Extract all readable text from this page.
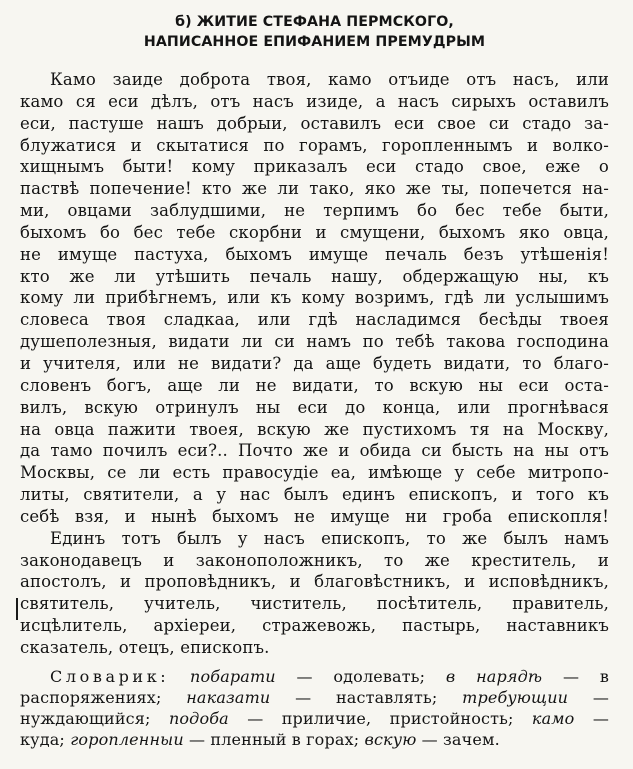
б) ЖИТИЕ СТЕФАНА ПЕРМСКОГО,
НАПИСАННОЕ ЕПИФАНИЕМ ПРЕМУДРЫМ
Камо заиде доброта твоя, камо отъиде отъ насъ, или
камо ся еси дѣлъ, отъ насъ изиде, а насъ сирыхъ оставилъ
еси, пастуше нашъ добрыи, оставилъ еси свое си стадо за-
блужатися и скытатися по горамъ, горопленнымъ и волко-
хищнымъ быти! кому приказалъ еси стадо свое, еже о
паствѣ попечение! кто же ли тако, яко же ты, попечется на-
ми, овцами заблудшими, не терпимъ бо бес тебе быти,
быхомъ бо бес тебе скорбни и смущени, быхомъ яко овца,
не имуще пастуха, быхомъ имуще печаль безъ утѣшенiя!
кто же ли утѣшить печаль нашу, обдержащую ны, къ
кому ли прибѣгнемъ, или къ кому возримъ, гдѣ ли услышимъ
словеса твоя сладкаа, или гдѣ насладимся бесѣды твоея
душеполезныя, видати ли си намъ по тебѣ такова господина
и учителя, или не видати? да аще будеть видати, то благо-
словенъ богъ, аще ли не видати, то вскую ны еси оста-
вилъ, вскую отринулъ ны еси до конца, или прогнѣвася
на овца пажити твоея, вскую же пустихомъ тя на Москву,
да тамо почилъ еси?.. Почто же и обида си бысть на ны отъ
Москвы, се ли есть правосудiе еа, имѣюще у себе митропо-
литы, святители, а у нас былъ единъ епископъ, и того къ
себѣ взя, и нынѣ быхомъ не имуще ни гроба епископля!
Единъ тотъ былъ у насъ епископъ, то же былъ намъ
законодавецъ и законоположникъ, то же креститель, и
апостолъ, и проповѣдникъ, и благовѣстникъ, и исповѣдникъ,
святитель, учитель, чиститель, посѣтитель, правитель,
исцѣлитель, архiереи, стражевожь, пастырь, наставникъ
сказатель, отецъ, епископъ.
Словарик: побарати — одолевать; в нарядѣ — в
распоряжениях; наказати — наставлять; требующии —
нуждающийся; подоба — приличие, пристойность; камо —
куда; горопленныи — пленный в горах; вскую — зачем.
